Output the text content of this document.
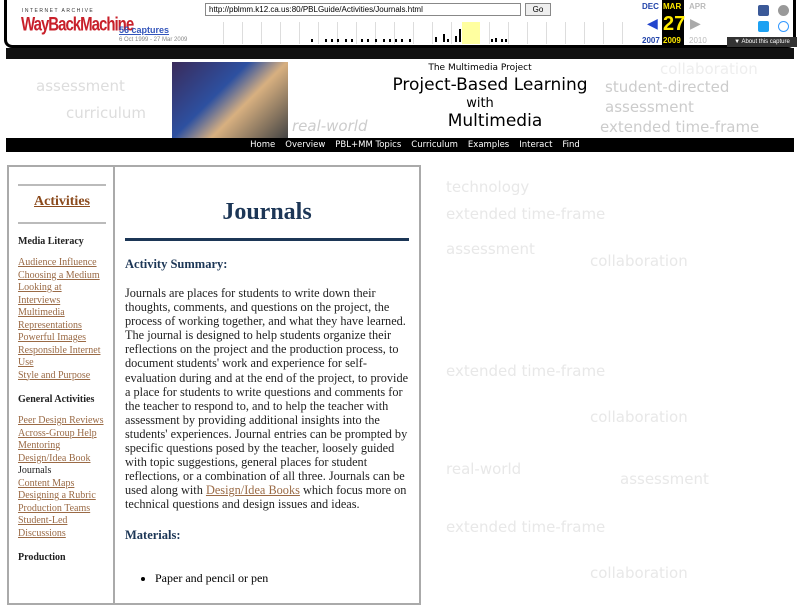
INTERNET ARCHIVE
WayBackMachine
http://pblmm.k12.ca.us:80/PBLGuide/Activities/Journals.html	Go
56 captures
6 Oct 1999 - 27 Mar 2009
DEC
2007
◀
MAR
27
2009
APR
▶
2010	▼ About this capture
technology
extended time-frame
assessment
collaboration
extended time-frame
collaboration
extended time-frame
real-world
assessment
collaboration
assessment
curriculum
student-directed
extended time-frame
real-world
assessment
collaboration
The Multimedia Project
Project-Based Learning
with
Multimedia
Home Overview PBL+MM Topics Curriculum Examples Interact Find
Activities
Media Literacy
Audience Influence
Choosing a Medium
Looking at Interviews
Multimedia Representations
Powerful Images
Responsible Internet Use
Style and Purpose
General Activities
Peer Design Reviews
Across-Group Help
Mentoring
Design/Idea Book
Journals
Content Maps
Designing a Rubric
Production Teams
Student-Led Discussions
Production
Journals
Activity Summary:

Journals are places for students to write down their thoughts, comments, and questions on the project, the process of working together, and what they have learned. The journal is designed to help students organize their reflections on the project and the production process, to document students' work and experience for self-evaluation during and at the end of the project, to provide a place for students to write questions and comments for the teacher to respond to, and to help the teacher with assessment by providing additional insights into the students' experiences. Journal entries can be prompted by specific questions posed by the teacher, loosely guided with topic suggestions, general places for student reflections, or a combination of all three. Journals can be used along with Design/Idea Books which focus more on technical questions and design issues and ideas.

Materials:
• Paper and pencil or pen
